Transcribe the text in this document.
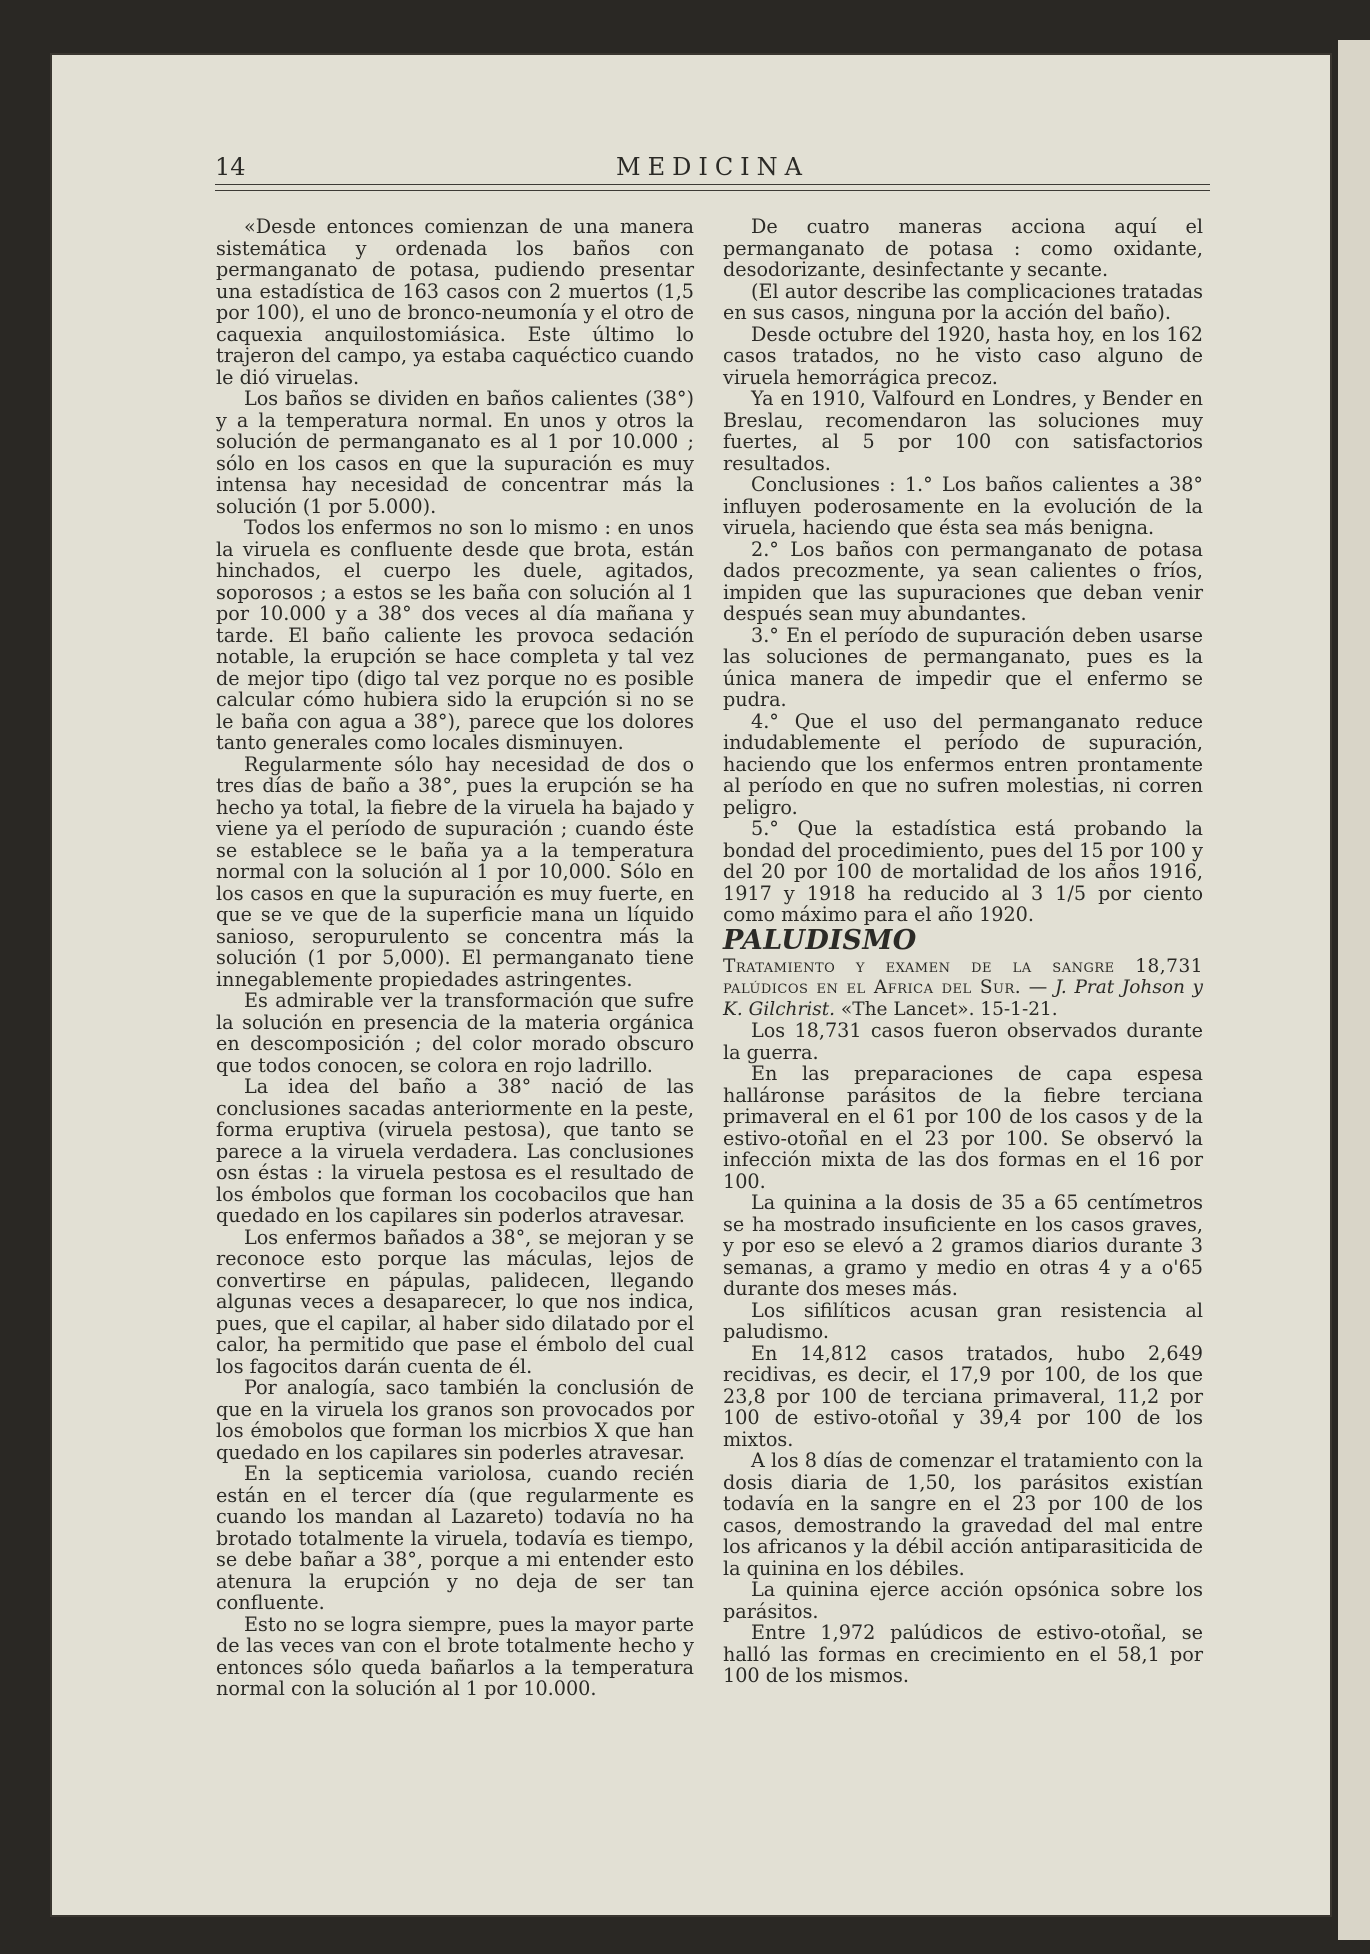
14	MEDICINA

«Desde entonces comienzan de una manera sistemática y ordenada los baños con permanganato de potasa, pudiendo presentar una estadística de 163 casos con 2 muertos (1,5 por 100), el uno de bronco-neumonía y el otro de caquexia anquilostomiásica. Este último lo trajeron del campo, ya estaba caquéctico cuando le dió viruelas.

Los baños se dividen en baños calientes (38°) y a la temperatura normal. En unos y otros la solución de permanganato es al 1 por 10.000 ; sólo en los casos en que la supuración es muy intensa hay necesidad de concentrar más la solución (1 por 5.000).

Todos los enfermos no son lo mismo : en unos la viruela es confluente desde que brota, están hinchados, el cuerpo les duele, agitados, soporosos ; a estos se les baña con solución al 1 por 10.000 y a 38° dos veces al día mañana y tarde. El baño caliente les provoca sedación notable, la erupción se hace completa y tal vez de mejor tipo (digo tal vez porque no es posible calcular cómo hubiera sido la erupción si no se le baña con agua a 38°), parece que los dolores tanto generales como locales disminuyen.

Regularmente sólo hay necesidad de dos o tres días de baño a 38°, pues la erupción se ha hecho ya total, la fiebre de la viruela ha bajado y viene ya el período de supuración ; cuando éste se establece se le baña ya a la temperatura normal con la solución al 1 por 10,000. Sólo en los casos en que la supuración es muy fuerte, en que se ve que de la superficie mana un líquido sanioso, seropurulento se concentra más la solución (1 por 5,000). El permanganato tiene innegablemente propiedades astringentes.

Es admirable ver la transformación que sufre la solución en presencia de la materia orgánica en descomposición ; del color morado obscuro que todos conocen, se colora en rojo ladrillo.

La idea del baño a 38° nació de las conclusiones sacadas anteriormente en la peste, forma eruptiva (viruela pestosa), que tanto se parece a la viruela verdadera. Las conclusiones osn éstas : la viruela pestosa es el resultado de los émbolos que forman los cocobacilos que han quedado en los capilares sin poderlos atravesar.

Los enfermos bañados a 38°, se mejoran y se reconoce esto porque las máculas, lejos de convertirse en pápulas, palidecen, llegando algunas veces a desaparecer, lo que nos indica, pues, que el capilar, al haber sido dilatado por el calor, ha permitido que pase el émbolo del cual los fagocitos darán cuenta de él.

Por analogía, saco también la conclusión de que en la viruela los granos son provocados por los émobolos que forman los micrbios X que han quedado en los capilares sin poderles atravesar.

En la septicemia variolosa, cuando recién están en el tercer día (que regularmente es cuando los mandan al Lazareto) todavía no ha brotado totalmente la viruela, todavía es tiempo, se debe bañar a 38°, porque a mi entender esto atenura la erupción y no deja de ser tan confluente.

Esto no se logra siempre, pues la mayor parte de las veces van con el brote totalmente hecho y entonces sólo queda bañarlos a la temperatura normal con la solución al 1 por 10.000.

De cuatro maneras acciona aquí el permanganato de potasa : como oxidante, desodorizante, desinfectante y secante.

(El autor describe las complicaciones tratadas en sus casos, ninguna por la acción del baño).

Desde octubre del 1920, hasta hoy, en los 162 casos tratados, no he visto caso alguno de viruela hemorrágica precoz.

Ya en 1910, Valfourd en Londres, y Bender en Breslau, recomendaron las soluciones muy fuertes, al 5 por 100 con satisfactorios resultados.

Conclusiones : 1.° Los baños calientes a 38° influyen poderosamente en la evolución de la viruela, haciendo que ésta sea más benigna.

2.° Los baños con permanganato de potasa dados precozmente, ya sean calientes o fríos, impiden que las supuraciones que deban venir después sean muy abundantes.

3.° En el período de supuración deben usarse las soluciones de permanganato, pues es la única manera de impedir que el enfermo se pudra.

4.° Que el uso del permanganato reduce indudablemente el período de supuración, haciendo que los enfermos entren prontamente al período en que no sufren molestias, ni corren peligro.

5.° Que la estadística está probando la bondad del procedimiento, pues del 15 por 100 y del 20 por 100 de mortalidad de los años 1916, 1917 y 1918 ha reducido al 3 1/5 por ciento como máximo para el año 1920.

PALUDISMO

Tratamiento y examen de la sangre 18,731 palúdicos en el Africa del Sur. — J. Prat Johson y K. Gilchrist. «The Lancet». 15-1-21.

Los 18,731 casos fueron observados durante la guerra.

En las preparaciones de capa espesa halláronse parásitos de la fiebre terciana primaveral en el 61 por 100 de los casos y de la estivo-otoñal en el 23 por 100. Se observó la infección mixta de las dos formas en el 16 por 100.

La quinina a la dosis de 35 a 65 centímetros se ha mostrado insuficiente en los casos graves, y por eso se elevó a 2 gramos diarios durante 3 semanas, a gramo y medio en otras 4 y a o'65 durante dos meses más.

Los sifilíticos acusan gran resistencia al paludismo.

En 14,812 casos tratados, hubo 2,649 recidivas, es decir, el 17,9 por 100, de los que 23,8 por 100 de terciana primaveral, 11,2 por 100 de estivo-otoñal y 39,4 por 100 de los mixtos.

A los 8 días de comenzar el tratamiento con la dosis diaria de 1,50, los parásitos existían todavía en la sangre en el 23 por 100 de los casos, demostrando la gravedad del mal entre los africanos y la débil acción antiparasiticida de la quinina en los débiles.

La quinina ejerce acción opsónica sobre los parásitos.

Entre 1,972 palúdicos de estivo-otoñal, se halló las formas en crecimiento en el 58,1 por 100 de los mismos.
